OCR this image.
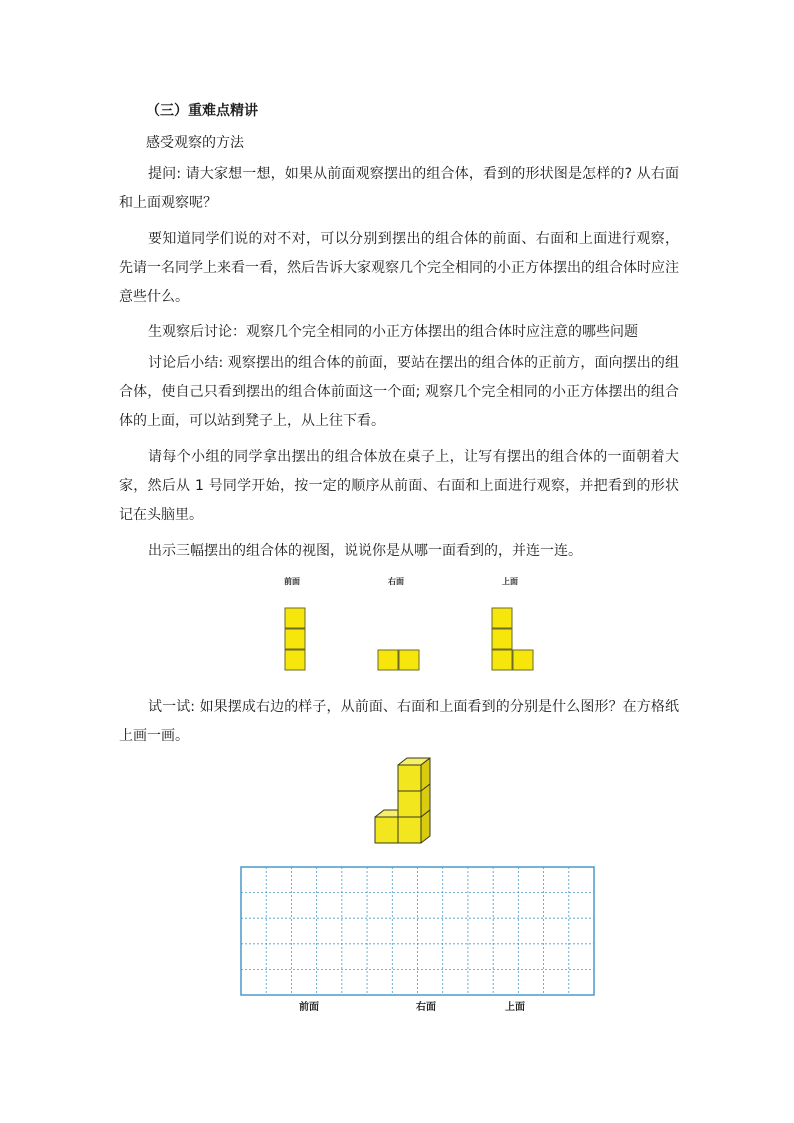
（三）重难点精讲

感受观察的方法

提问: 请大家想一想，如果从前面观察摆出的组合体，看到的形状图是怎样的? 从右面和上面观察呢？

要知道同学们说的对不对，可以分别到摆出的组合体的前面、右面和上面进行观察，先请一名同学上来看一看，然后告诉大家观察几个完全相同的小正方体摆出的组合体时应注意些什么。

生观察后讨论：观察几个完全相同的小正方体摆出的组合体时应注意的哪些问题

讨论后小结: 观察摆出的组合体的前面，要站在摆出的组合体的正前方，面向摆出的组合体，使自己只看到摆出的组合体前面这一个面; 观察几个完全相同的小正方体摆出的组合体的上面，可以站到凳子上，从上往下看。

请每个小组的同学拿出摆出的组合体放在桌子上，让写有摆出的组合体的一面朝着大家，然后从 1 号同学开始，按一定的顺序从前面、右面和上面进行观察，并把看到的形状记在头脑里。

出示三幅摆出的组合体的视图，说说你是从哪一面看到的，并连一连。

前面	右面	上面

试一试: 如果摆成右边的样子，从前面、右面和上面看到的分别是什么图形？在方格纸上画一画。

前面	右面	上面
